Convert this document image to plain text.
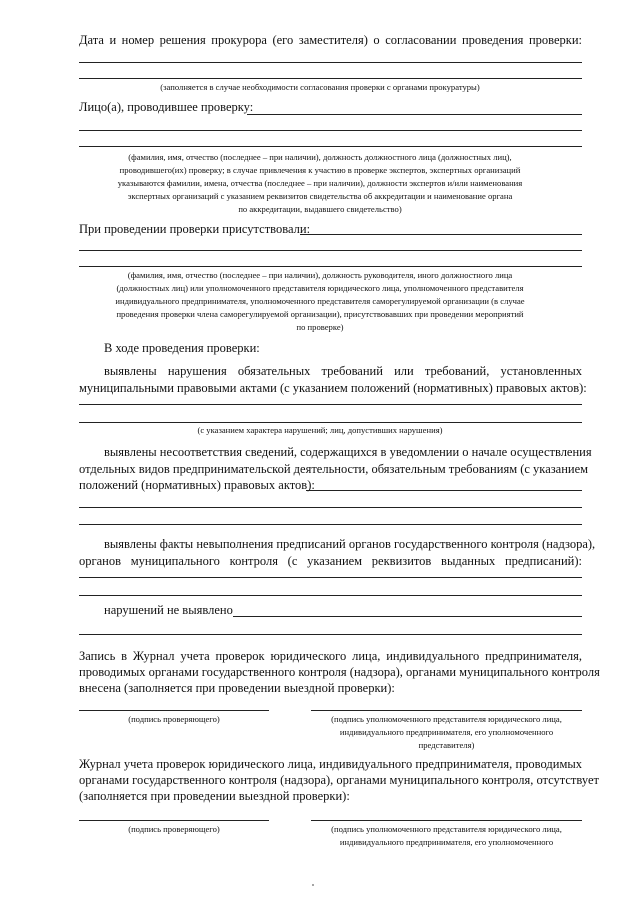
Дата и номер решения прокурора (его заместителя) о согласовании проведения проверки:
(заполняется в случае необходимости согласования проверки с органами прокуратуры)
Лицо(а), проводившее проверку:
(фамилия, имя, отчество (последнее – при наличии), должность должностного лица (должностных лиц),
проводившего(их) проверку; в случае привлечения к участию в проверке экспертов, экспертных организаций
указываются фамилии, имена, отчества (последнее – при наличии), должности экспертов и/или наименования
экспертных организаций с указанием реквизитов свидетельства об аккредитации и наименование органа
по аккредитации, выдавшего свидетельство)
При проведении проверки присутствовали:
(фамилия, имя, отчество (последнее – при наличии), должность руководителя, иного должностного лица
(должностных лиц) или уполномоченного представителя юридического лица, уполномоченного представителя
индивидуального предпринимателя, уполномоченного представителя саморегулируемой организации (в случае
проведения проверки члена саморегулируемой организации), присутствовавших при проведении мероприятий
по проверке)
В ходе проведения проверки:
выявлены нарушения обязательных требований или требований, установленных
муниципальными правовыми актами (с указанием положений (нормативных) правовых актов):
(с указанием характера нарушений; лиц, допустивших нарушения)
выявлены несоответствия сведений, содержащихся в уведомлении о начале осуществления
отдельных видов предпринимательской деятельности, обязательным требованиям (с указанием
положений (нормативных) правовых актов):
выявлены факты невыполнения предписаний органов государственного контроля (надзора),
органов муниципального контроля (с указанием реквизитов выданных предписаний):
нарушений не выявлено
Запись в Журнал учета проверок юридического лица, индивидуального предпринимателя,
проводимых органами государственного контроля (надзора), органами муниципального контроля
внесена (заполняется при проведении выездной проверки):
(подпись проверяющего)	(подпись уполномоченного представителя юридического лица,
индивидуального предпринимателя, его уполномоченного
представителя)
Журнал учета проверок юридического лица, индивидуального предпринимателя, проводимых
органами государственного контроля (надзора), органами муниципального контроля, отсутствует
(заполняется при проведении выездной проверки):
(подпись проверяющего)	(подпись уполномоченного представителя юридического лица,
индивидуального предпринимателя, его уполномоченного
